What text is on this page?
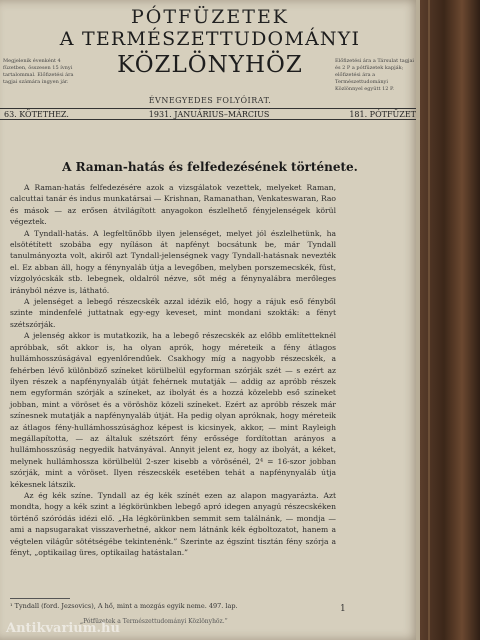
PÓTFÜZETEK
A TERMÉSZETTUDOMÁNYI
KÖZLÖNYHÖZ
Megjelenik évenként 4 füzetben, összesen 15 ívnyi tartalommal. Előfizetési ára tagjai számára ingyen jár.
Előfizetési ára a Társulat tagjai és 2 P a pótfüzetek kapják; előfizetési ára a Természettudományi Közlönnyel együtt 12 P.
ÉVNEGYEDES FOLYÓIRAT.
63. KÖTETHEZ.	1931. JANUÁRIUS–MÁRCIUS	181. PÓTFÜZET
A Raman-hatás és felfedezésének története.

A Raman-hatás felfedezésére azok a vizsgálatok vezettek, melyeket Raman, calcuttai tanár és indus munkatársai — Krishnan, Ramanathan, Venkateswaran, Rao és mások — az erősen átvilágított anyagokon észlelhető fényjelenségek körül végeztek.

A Tyndall-hatás. A legfeltűnőbb ilyen jelenséget, melyet jól észlelhetünk, ha elsötétített szobába egy nyíláson át napfényt bocsátunk be, már Tyndall tanulmányozta volt, akiről azt Tyndall-jelenségnek vagy Tyndall-hatásnak nevezték el. Ez abban áll, hogy a fénynyaláb útja a levegőben, melyben porszemecskék, füst, vízgolyócskák stb. lebegnek, oldalról nézve, sőt még a fénynyalábra merőleges irányból nézve is, látható.

A jelenséget a lebegő részecskék azzal idézik elő, hogy a rájuk eső fényből szinte mindenfelé juttatnak egy-egy keveset, mint mondani szokták: a fényt szétszórják.

A jelenség akkor is mutatkozik, ha a lebegő részecskék az előbb említetteknél apróbbak, sőt akkor is, ha olyan aprók, hogy méreteik a fény átlagos hullámhosszúságával egyenlőrendűek. Csakhogy míg a nagyobb részecskék, a fehérben lévő különböző színeket körülbelül egyforman szórják szét — s ezért az ilyen részek a napfénynyaláb útját fehérnek mutatják — addig az apróbb részek nem egyformán szórják a színeket, az ibolyát és a hozzá közelebb eső színeket jobban, mint a vöröset és a vöröshöz közeli színeket. Ezért az apróbb részek már színesnek mutatják a napfénynyaláb útját. Ha pedig olyan apróknak, hogy méreteik az átlagos fény-hullámhosszúsághoz képest is kicsinyek, akkor, — mint Rayleigh megállapította, — az általuk szétszórt fény erőssége fordítottan arányos a hullámhosszúság negyedik hatványával. Annyit jelent ez, hogy az ibolyát, a kéket, melynek hullámhossza körülbelül 2-szer kisebb a vörösénél, 2⁴ = 16-szor jobban szórják, mint a vöröset. Ilyen részecskék esetében tehát a napfénynyaláb útja kékesnek látszik.

Az ég kék színe. Tyndall az ég kék színét ezen az alapon magyarázta. Azt mondta, hogy a kék szint a légkörünkben lebegő apró idegen anyagú részecskéken történő szóródás idézi elő. „Ha légkörünkben semmit sem találnánk, — mondja — ami a napsugarakat visszaverhetné, akkor nem látnánk kék égboltozatot, hanem a végtelen világűr sötétségébe tekintenénk.” Szerinte az égszínt tisztán fény szórja a fényt, „optikailag üres, optikailag hatástalan.”

¹ Tyndall (ford. Jezsovics), A hő, mint a mozgás egyik neme. 497. lap.	1
„Pótfüzetek a Természettudományi Közlönyhöz.”
Antikvarium.hu
